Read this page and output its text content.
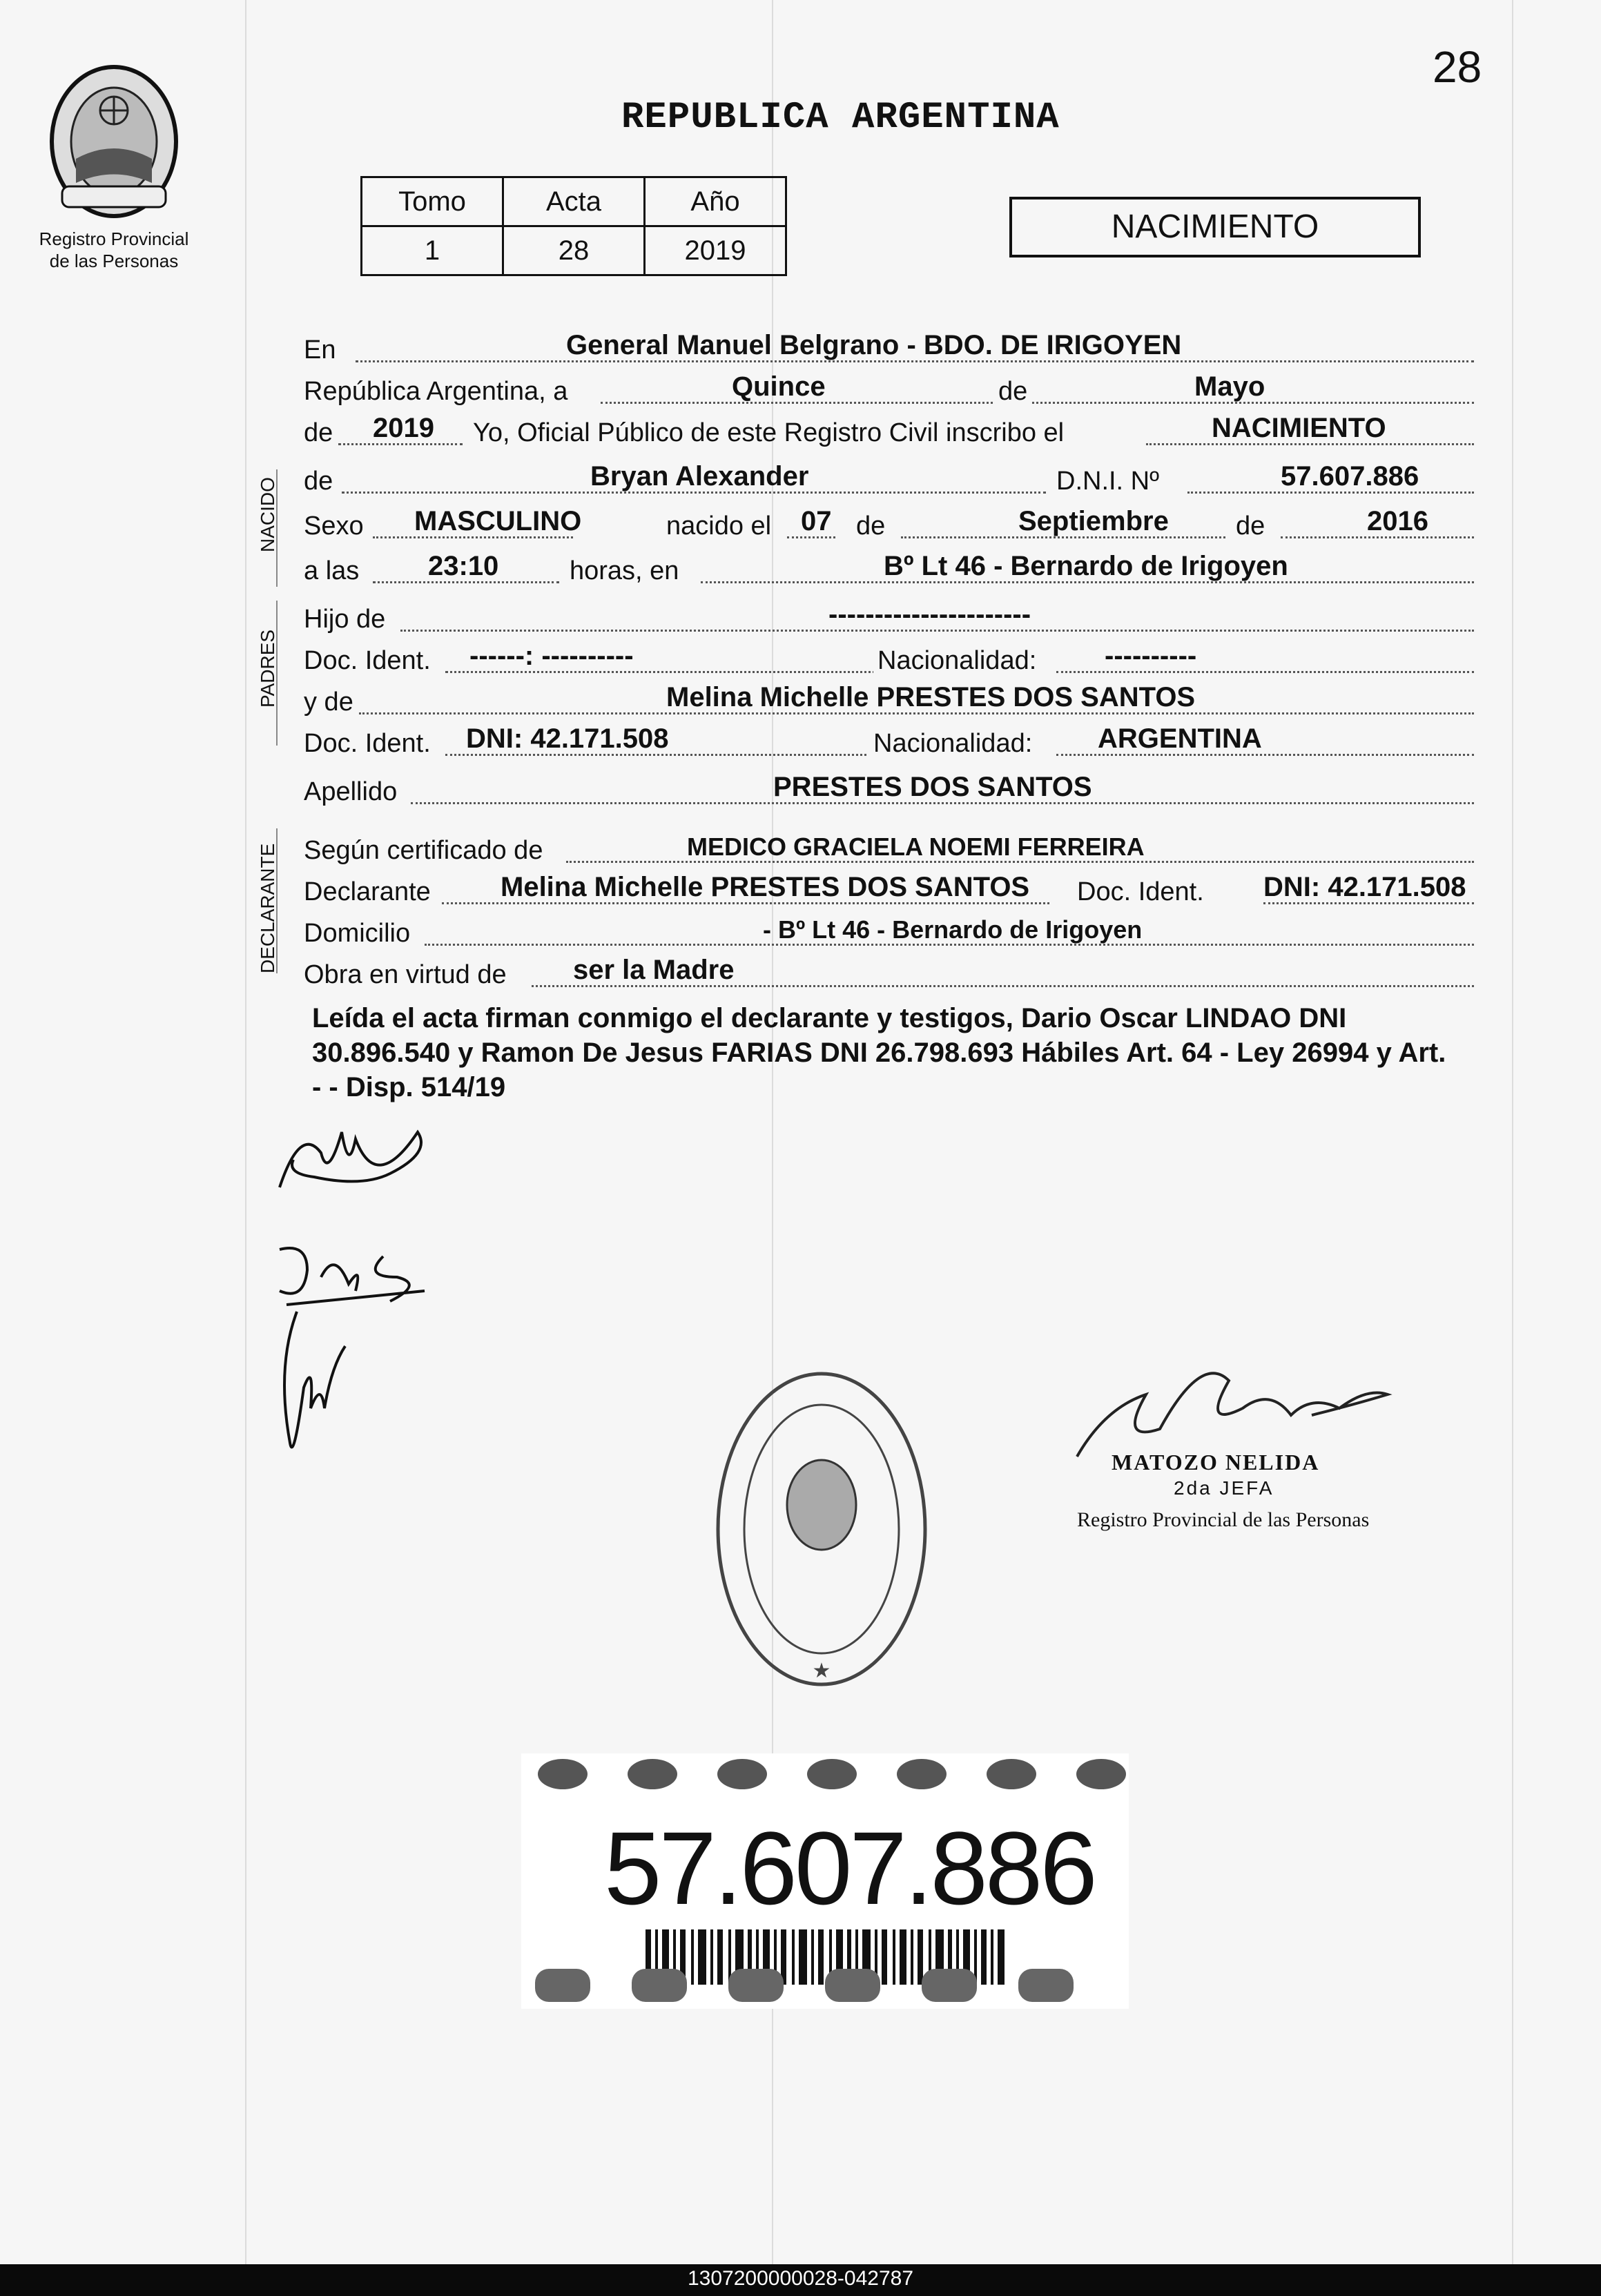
28
Registro Provincial
de las Personas
REPUBLICA ARGENTINA
Tomo	Acta	Año
1	28	2019
NACIMIENTO
NACIDO
PADRES
DECLARANTE
En	General Manuel Belgrano - BDO. DE IRIGOYEN
República Argentina, a	Quince	de	Mayo
de 2019 Yo, Oficial Público de este Registro Civil inscribo el	NACIMIENTO
de	Bryan Alexander	D.N.I. Nº	57.607.886
Sexo MASCULINO	nacido el 07 de	Septiembre	de	2016
a las 23:10	horas, en	Bº Lt 46 - Bernardo de Irigoyen
Hijo de	----------------------
Doc. Ident. ------: ----------	Nacionalidad: ----------
y de	Melina Michelle PRESTES DOS SANTOS
Doc. Ident. DNI: 42.171.508	Nacionalidad: ARGENTINA
Apellido	PRESTES DOS SANTOS
Según certificado de	MEDICO GRACIELA NOEMI FERREIRA
Declarante	Melina Michelle PRESTES DOS SANTOS Doc. Ident. DNI: 42.171.508
Domicilio	- Bº Lt 46 - Bernardo de Irigoyen
Obra en virtud de ser la Madre
Leída el acta firman conmigo el declarante y testigos, Dario Oscar LINDAO DNI 30.896.540 y Ramon De Jesus FARIAS DNI 26.798.693 Hábiles Art. 64 - Ley 26994 y Art. - - Disp. 514/19
★
MATOZO NELIDA
2da JEFA
Registro Provincial de las Personas
57.607.886
1307200000028-042787
